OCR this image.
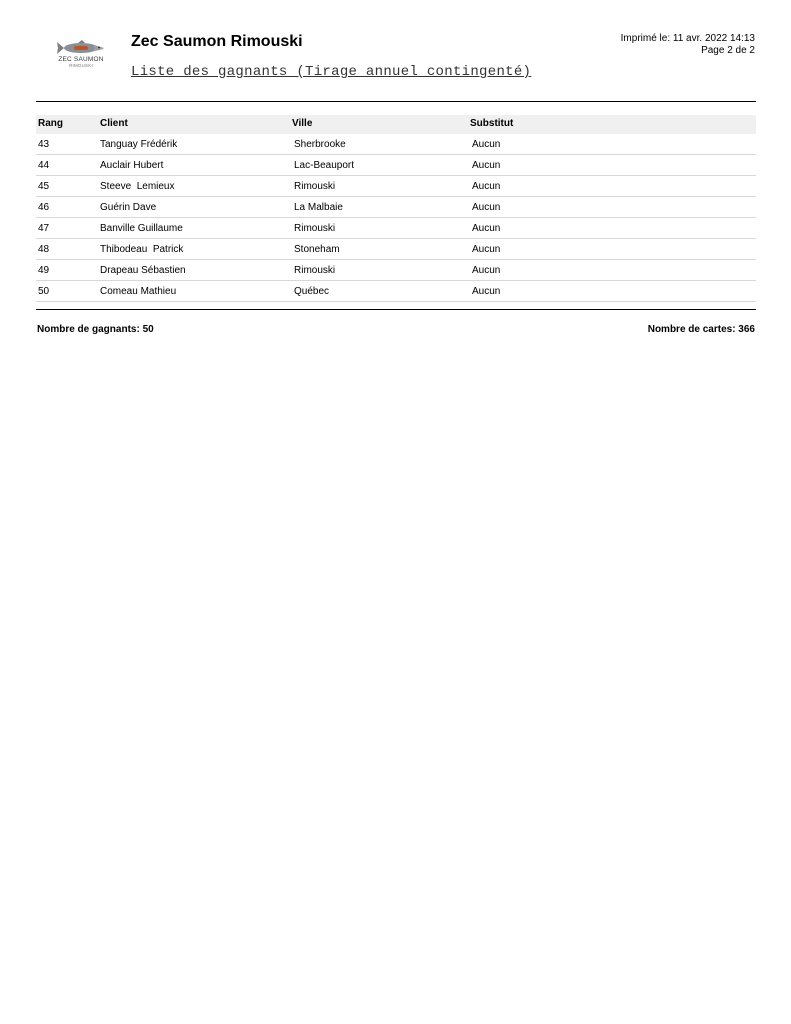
ZEC SAUMON
RIMOUSKI
Zec Saumon Rimouski
Liste des gagnants (Tirage annuel contingenté)
Imprimé le: 11 avr. 2022 14:13
Page 2 de 2
Rang	Client	Ville	Substitut
43	Tanguay Frédérik	Sherbrooke	Aucun
44	Auclair Hubert	Lac-Beauport	Aucun
45	Steeve  Lemieux	Rimouski	Aucun
46	Guérin Dave	La Malbaie	Aucun
47	Banville Guillaume	Rimouski	Aucun
48	Thibodeau  Patrick	Stoneham	Aucun
49	Drapeau Sébastien	Rimouski	Aucun
50	Comeau Mathieu	Québec	Aucun
Nombre de gagnants: 50	Nombre de cartes: 366
